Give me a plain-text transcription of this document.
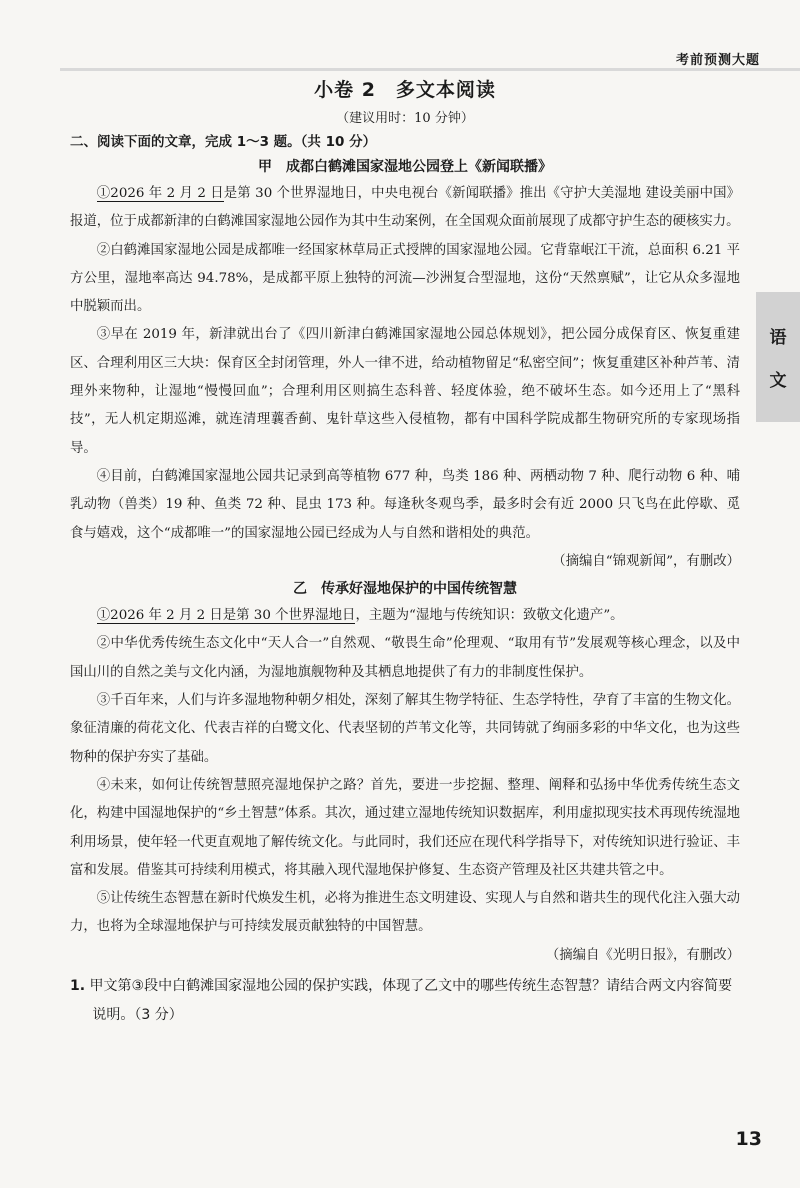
考前预测大题
语
文
小卷 2　多文本阅读
（建议用时：10 分钟）
二、阅读下面的文章，完成 1～3 题。（共 10 分）
甲　成都白鹤滩国家湿地公园登上《新闻联播》

①2026 年 2 月 2 日是第 30 个世界湿地日，中央电视台《新闻联播》推出《守护大美湿地 建设美丽中国》报道，位于成都新津的白鹤滩国家湿地公园作为其中生动案例，在全国观众面前展现了成都守护生态的硬核实力。

②白鹤滩国家湿地公园是成都唯一经国家林草局正式授牌的国家湿地公园。它背靠岷江干流，总面积 6.21 平方公里，湿地率高达 94.78%，是成都平原上独特的河流—沙洲复合型湿地，这份“天然禀赋”，让它从众多湿地中脱颖而出。

③早在 2019 年，新津就出台了《四川新津白鹤滩国家湿地公园总体规划》，把公园分成保育区、恢复重建区、合理利用区三大块：保育区全封闭管理，外人一律不进，给动植物留足“私密空间”；恢复重建区补种芦苇、清理外来物种，让湿地“慢慢回血”；合理利用区则搞生态科普、轻度体验，绝不破坏生态。如今还用上了“黑科技”，无人机定期巡滩，就连清理蘘香蓟、鬼针草这些入侵植物，都有中国科学院成都生物研究所的专家现场指导。

④目前，白鹤滩国家湿地公园共记录到高等植物 677 种，鸟类 186 种、两栖动物 7 种、爬行动物 6 种、哺乳动物（兽类）19 种、鱼类 72 种、昆虫 173 种。每逢秋冬观鸟季，最多时会有近 2000 只飞鸟在此停歇、觅食与嬉戏，这个“成都唯一”的国家湿地公园已经成为人与自然和谐相处的典范。

（摘编自“锦观新闻”，有删改）
乙　传承好湿地保护的中国传统智慧

①2026 年 2 月 2 日是第 30 个世界湿地日，主题为“湿地与传统知识：致敬文化遗产”。

②中华优秀传统生态文化中“天人合一”自然观、“敬畏生命”伦理观、“取用有节”发展观等核心理念，以及中国山川的自然之美与文化内涵，为湿地旗舰物种及其栖息地提供了有力的非制度性保护。

③千百年来，人们与许多湿地物种朝夕相处，深刻了解其生物学特征、生态学特性，孕育了丰富的生物文化。象征清廉的荷花文化、代表吉祥的白鹭文化、代表坚韧的芦苇文化等，共同铸就了绚丽多彩的中华文化，也为这些物种的保护夯实了基础。

④未来，如何让传统智慧照亮湿地保护之路？首先，要进一步挖掘、整理、阐释和弘扬中华优秀传统生态文化，构建中国湿地保护的“乡土智慧”体系。其次，通过建立湿地传统知识数据库，利用虚拟现实技术再现传统湿地利用场景，使年轻一代更直观地了解传统文化。与此同时，我们还应在现代科学指导下，对传统知识进行验证、丰富和发展。借鉴其可持续利用模式，将其融入现代湿地保护修复、生态资产管理及社区共建共管之中。

⑤让传统生态智慧在新时代焕发生机，必将为推进生态文明建设、实现人与自然和谐共生的现代化注入强大动力，也将为全球湿地保护与可持续发展贡献独特的中国智慧。

（摘编自《光明日报》，有删改）
1. 甲文第③段中白鹤滩国家湿地公园的保护实践，体现了乙文中的哪些传统生态智慧？请结合两文内容简要说明。（3 分）
13
